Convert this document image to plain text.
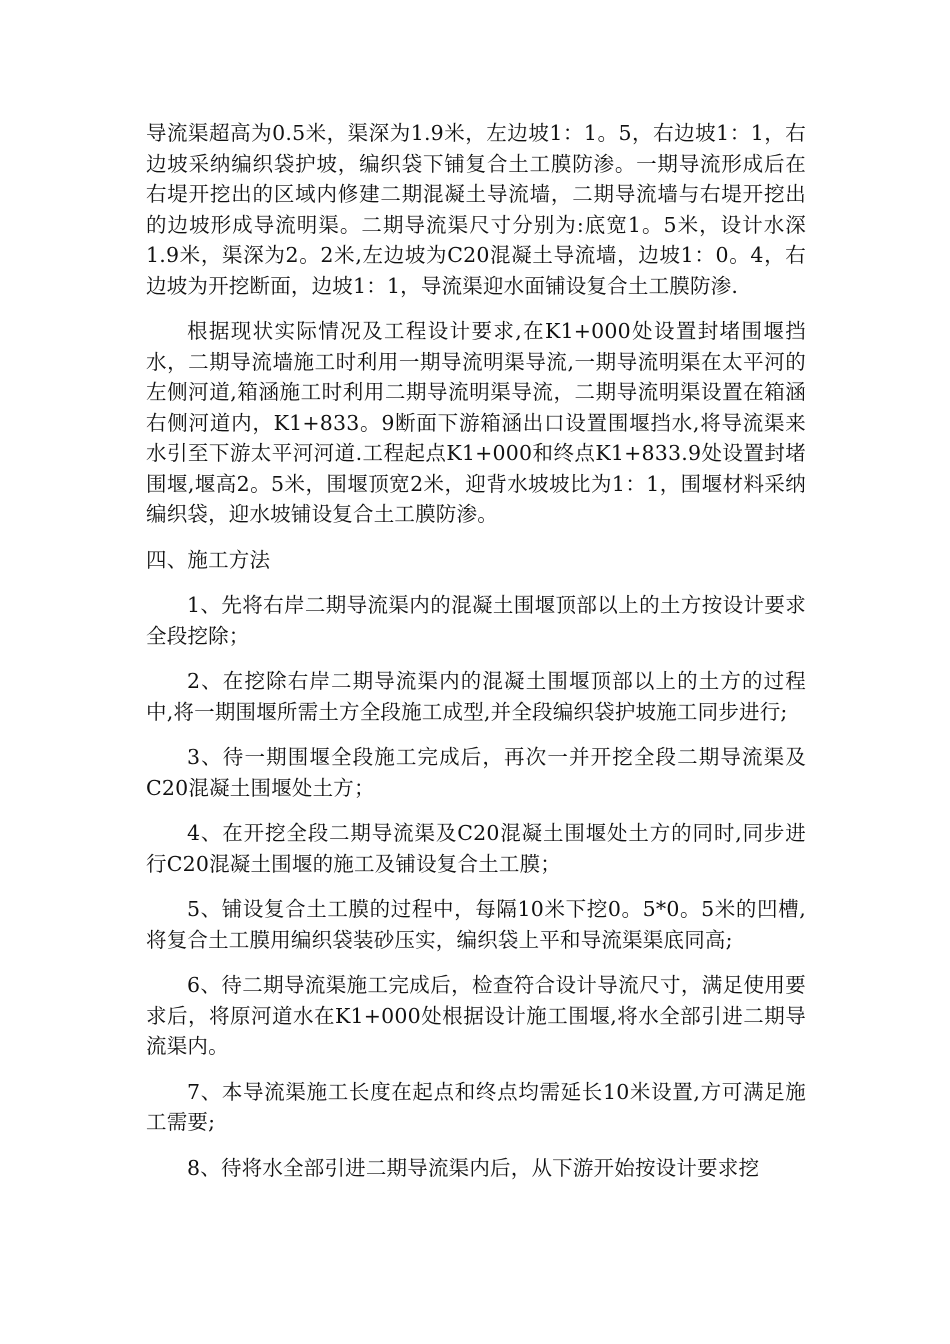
导流渠超高为0.5米，渠深为1.9米，左边坡1：1。5，右边坡1：1，右边坡采纳编织袋护坡，编织袋下铺复合土工膜防渗。一期导流形成后在右堤开挖出的区域内修建二期混凝土导流墙，二期导流墙与右堤开挖出的边坡形成导流明渠。二期导流渠尺寸分别为:底宽1。5米，设计水深1.9米，渠深为2。2米,左边坡为C20混凝土导流墙，边坡1：0。4，右边坡为开挖断面，边坡1：1，导流渠迎水面铺设复合土工膜防渗.

根据现状实际情况及工程设计要求,在K1+000处设置封堵围堰挡水，二期导流墙施工时利用一期导流明渠导流,一期导流明渠在太平河的左侧河道,箱涵施工时利用二期导流明渠导流，二期导流明渠设置在箱涵右侧河道内，K1+833。9断面下游箱涵出口设置围堰挡水,将导流渠来水引至下游太平河河道.工程起点K1+000和终点K1+833.9处设置封堵围堰,堰高2。5米，围堰顶宽2米，迎背水坡坡比为1：1，围堰材料采纳编织袋，迎水坡铺设复合土工膜防渗。

四、施工方法

1、先将右岸二期导流渠内的混凝土围堰顶部以上的土方按设计要求全段挖除；

2、在挖除右岸二期导流渠内的混凝土围堰顶部以上的土方的过程中,将一期围堰所需土方全段施工成型,并全段编织袋护坡施工同步进行;

3、待一期围堰全段施工完成后，再次一并开挖全段二期导流渠及C20混凝土围堰处土方；

4、在开挖全段二期导流渠及C20混凝土围堰处土方的同时,同步进行C20混凝土围堰的施工及铺设复合土工膜；

5、铺设复合土工膜的过程中，每隔10米下挖0。5*0。5米的凹槽,将复合土工膜用编织袋装砂压实，编织袋上平和导流渠渠底同高;

6、待二期导流渠施工完成后，检查符合设计导流尺寸，满足使用要求后，将原河道水在K1+000处根据设计施工围堰,将水全部引进二期导流渠内。

7、本导流渠施工长度在起点和终点均需延长10米设置,方可满足施工需要;

8、待将水全部引进二期导流渠内后，从下游开始按设计要求挖
